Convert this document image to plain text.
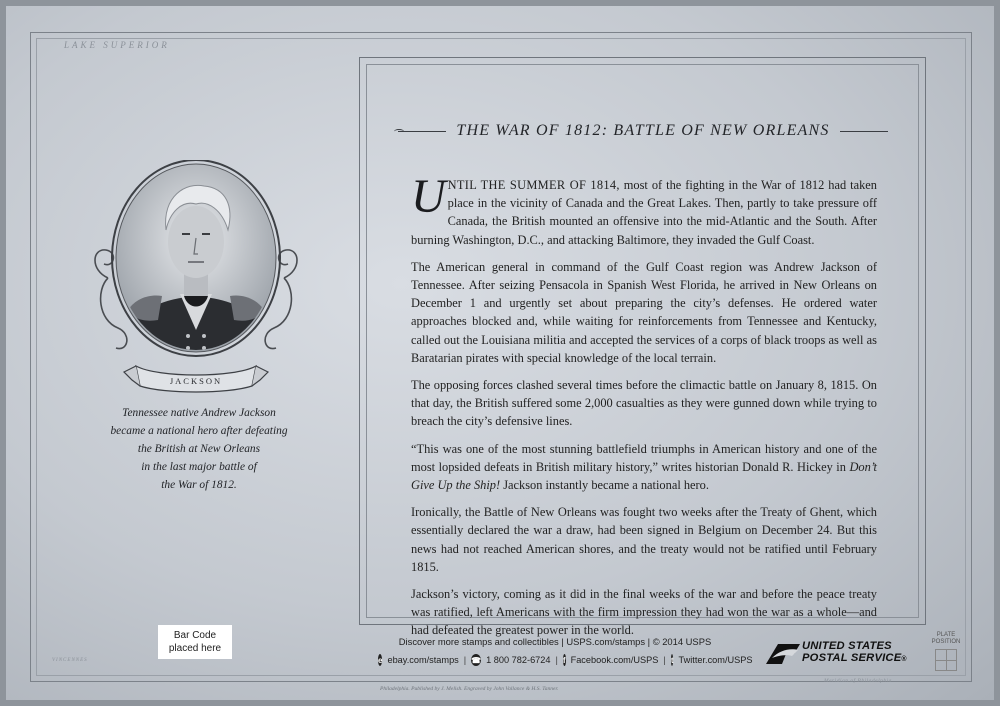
LAKE SUPERIOR
VINCENNES
Meridian of Philadelphia
JACKSON
Tennessee native Andrew Jackson
became a national hero after defeating
the British at New Orleans
in the last major battle of
the War of 1812.
THE WAR OF 1812: BATTLE OF NEW ORLEANS

UNTIL THE SUMMER OF 1814, most of the fighting in the War of 1812 had taken place in the vicinity of Canada and the Great Lakes. Then, partly to take pressure off Canada, the British mounted an offensive into the mid-Atlantic and the South. After burning Washington, D.C., and attacking Baltimore, they invaded the Gulf Coast.

The American general in command of the Gulf Coast region was Andrew Jackson of Tennessee. After seizing Pensacola in Spanish West Florida, he arrived in New Orleans on December 1 and urgently set about preparing the city’s defenses. He ordered water approaches blocked and, while waiting for reinforcements from Tennessee and Kentucky, called out the Louisiana militia and accepted the services of a corps of black troops as well as Baratarian pirates with special knowledge of the local terrain.

The opposing forces clashed several times before the climactic battle on January 8, 1815. On that day, the British suffered some 2,000 casualties as they were gunned down while trying to breach the city’s defensive lines.

“This was one of the most stunning battlefield triumphs in American history and one of the most lopsided defeats in British military history,” writes historian Donald R. Hickey in Don’t Give Up the Ship! Jackson instantly became a national hero.

Ironically, the Battle of New Orleans was fought two weeks after the Treaty of Ghent, which essentially declared the war a draw, had been signed in Belgium on December 24. But this news had not reached American shores, and the treaty would not be ratified until February 1815.

Jackson’s victory, coming as it did in the final weeks of the war and before the peace treaty was ratified, left Americans with the firm impression they had won the war as a whole—and had defeated the greatest power in the world.

Bar Code
placed here
Discover more stamps and collectibles | USPS.com/stamps | © 2014 USPS
e ebay.com/stamps | ☎ 1 800 782-6724 | f Facebook.com/USPS | t Twitter.com/USPS
UNITED STATES
POSTAL SERVICE®
PLATE
POSITION
Philadelphia. Published by J. Melish. Engraved by John Vallance & H.S. Tanner.
